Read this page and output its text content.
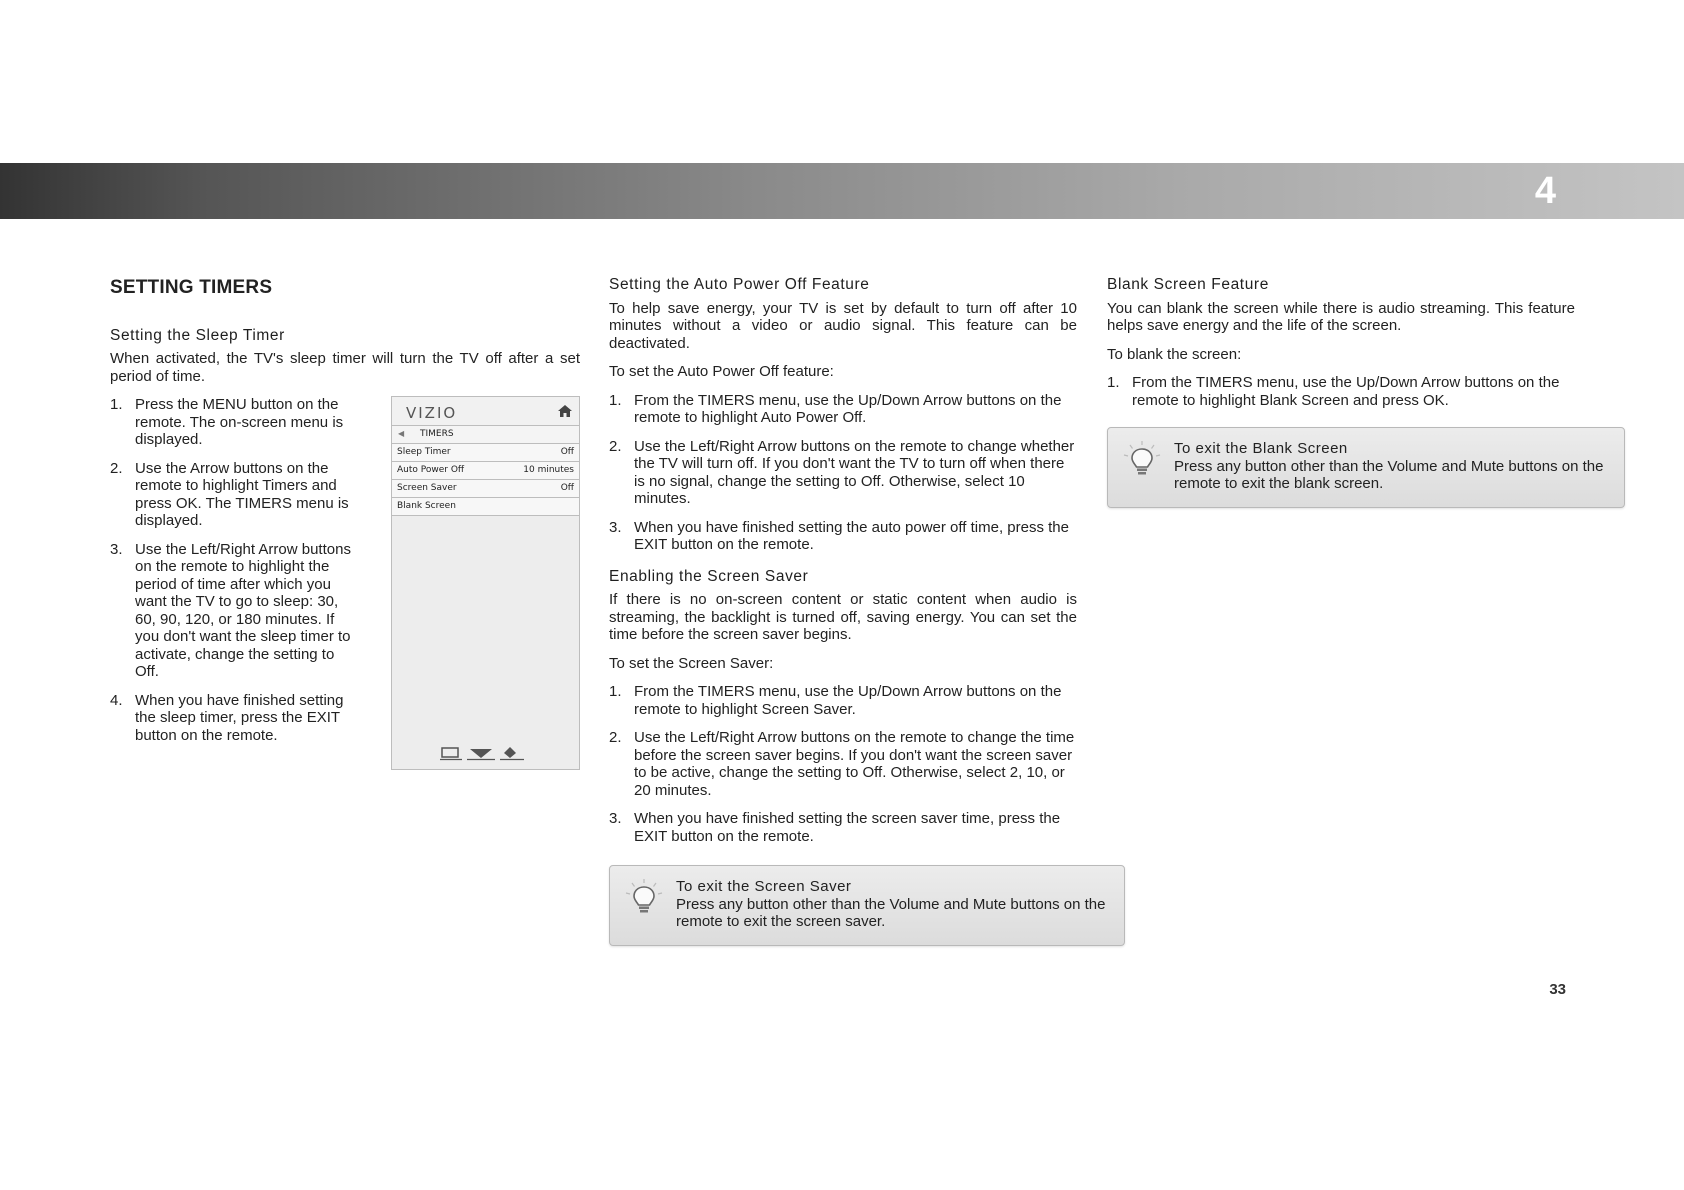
4
SETTING TIMERS
Setting the Sleep Timer

When activated, the TV's sleep timer will turn the TV off after a set period of time.

1. Press the MENU button on the remote. The on-screen menu is displayed.
2. Use the Arrow buttons on the remote to highlight Timers and press OK. The TIMERS menu is displayed.
3. Use the Left/Right Arrow buttons on the remote to highlight the period of time after which you want the TV to go to sleep: 30, 60, 90, 120, or 180 minutes. If you don't want the sleep timer to activate, change the setting to Off.
4. When you have finished setting the sleep timer, press the EXIT button on the remote.
VIZIO
◀	TIMERS
Sleep Timer	Off
Auto Power Off	10 minutes
Screen Saver	Off
Blank Screen
Setting the Auto Power Off Feature

To help save energy, your TV is set by default to turn off after 10 minutes without a video or audio signal. This feature can be deactivated.

To set the Auto Power Off feature:

1. From the TIMERS menu, use the Up/Down Arrow buttons on the remote to highlight Auto Power Off.
2. Use the Left/Right Arrow buttons on the remote to change whether the TV will turn off. If you don't want the TV to turn off when there is no signal, change the setting to Off. Otherwise, select 10 minutes.
3. When you have finished setting the auto power off time, press the EXIT button on the remote.
Enabling the Screen Saver

If there is no on-screen content or static content when audio is streaming, the backlight is turned off, saving energy. You can set the time before the screen saver begins.

To set the Screen Saver:

1. From the TIMERS menu, use the Up/Down Arrow buttons on the remote to highlight Screen Saver.
2. Use the Left/Right Arrow buttons on the remote to change the time before the screen saver begins. If you don't want the screen saver to be active, change the setting to Off. Otherwise, select 2, 10, or 20 minutes.
3. When you have finished setting the screen saver time, press the EXIT button on the remote.
To exit the Screen Saver
Press any button other than the Volume and Mute buttons on the remote to exit the screen saver.
Blank Screen Feature

You can blank the screen while there is audio streaming. This feature helps save energy and the life of the screen.

To blank the screen:

1. From the TIMERS menu, use the Up/Down Arrow buttons on the remote to highlight Blank Screen and press OK.
To exit the Blank Screen
Press any button other than the Volume and Mute buttons on the remote to exit the blank screen.
33
